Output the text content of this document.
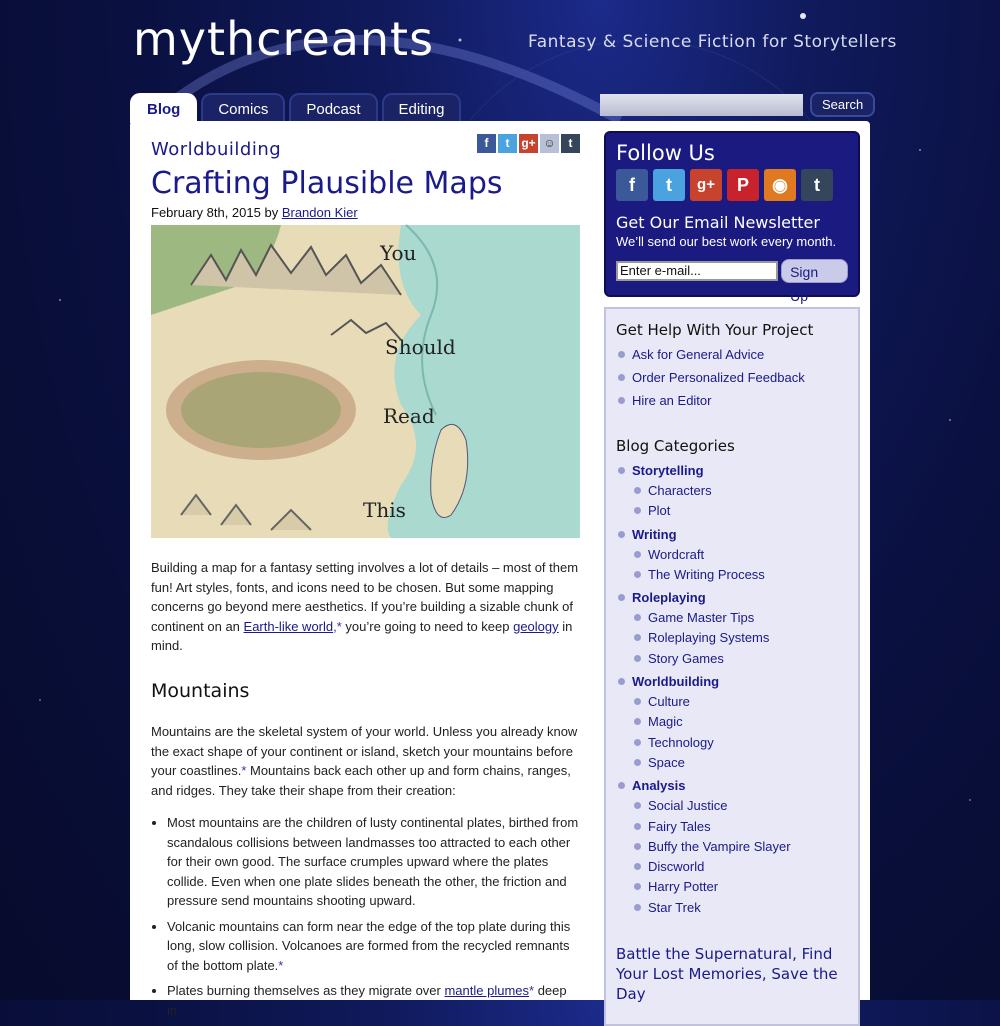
mythcreants	Fantasy & Science Fiction for Storytellers
Blog	Comics	Podcast	Editing	Search
f	t g+ ☺	t
Worldbuilding
Crafting Plausible Maps
February 8th, 2015 by Brandon Kier
You
Should
Read
This

Building a map for a fantasy setting involves a lot of details – most of them fun! Art styles, fonts, and icons need to be chosen. But some mapping concerns go beyond mere aesthetics. If you’re building a sizable chunk of continent on an Earth-like world,* you’re going to need to keep geology in mind.

Mountains

Mountains are the skeletal system of your world. Unless you already know the exact shape of your continent or island, sketch your mountains before your coastlines.* Mountains back each other up and form chains, ranges, and ridges. They take their shape from their creation:

• Most mountains are the children of lusty continental plates, birthed from scandalous collisions between landmasses too attracted to each other for their own good. The surface crumples upward where the plates collide. Even when one plate slides beneath the other, the friction and pressure send mountains shooting upward.
• Volcanic mountains can form near the edge of the top plate during this long, slow collision. Volcanoes are formed from the recycled remnants of the bottom plate.*
• Plates burning themselves as they migrate over mantle plumes* deep in
Follow Us
f	t	g+	P	◉	t
Get Our Email Newsletter
We’ll send our best work every month.
Enter e-mail...	Sign Up
Get Help With Your Project
Ask for General Advice
Order Personalized Feedback
Hire an Editor
Blog Categories
Storytelling
Characters
Plot
Writing
Wordcraft
The Writing Process
Roleplaying
Game Master Tips
Roleplaying Systems
Story Games
Worldbuilding
Culture
Magic
Technology
Space
Analysis
Social Justice
Fairy Tales
Buffy the Vampire Slayer
Discworld
Harry Potter
Star Trek
Battle the Supernatural, Find Your Lost Memories, Save the Day
